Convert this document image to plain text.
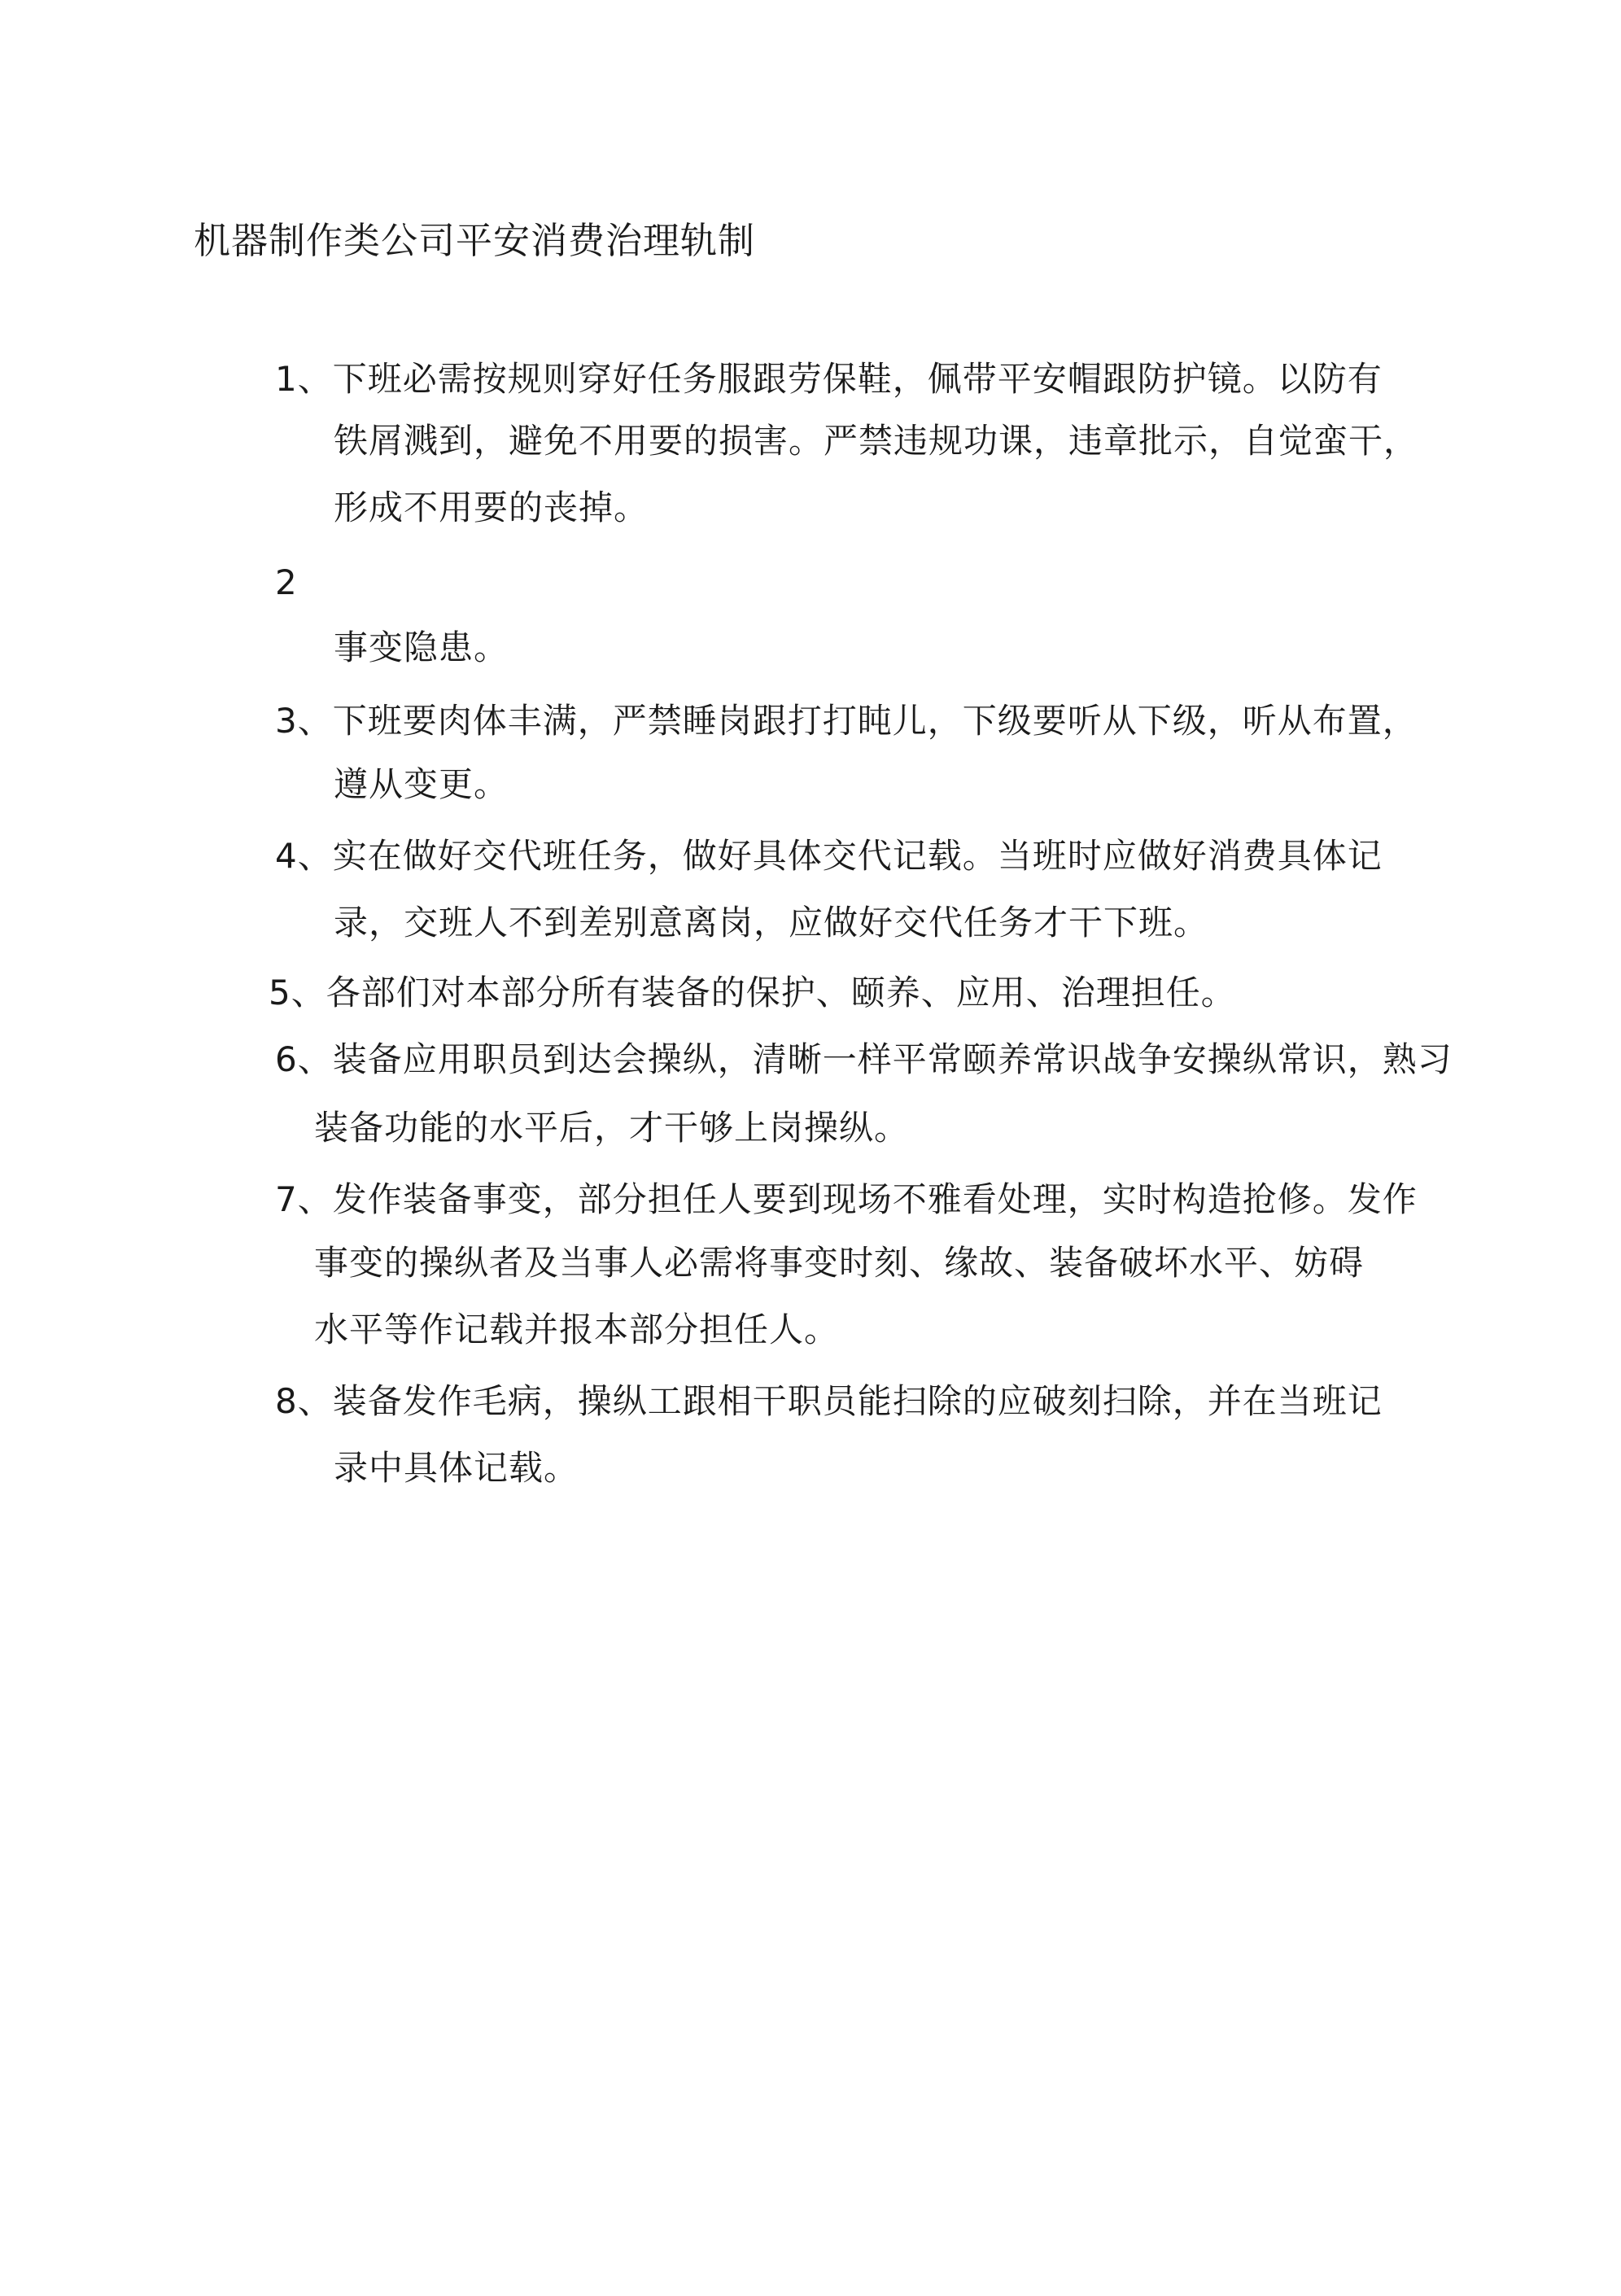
机器制作类公司平安消费治理轨制
1、下班必需按规则穿好任务服跟劳保鞋，佩带平安帽跟防护镜。以防有
铁屑溅到，避免不用要的损害。严禁违规功课，违章批示，自觉蛮干，
形成不用要的丧掉。
2
事变隐患。
3、下班要肉体丰满，严禁睡岗跟打打盹儿，下级要听从下级，听从布置，
遵从变更。
4、实在做好交代班任务，做好具体交代记载。当班时应做好消费具体记
录，交班人不到差别意离岗，应做好交代任务才干下班。
5、各部们对本部分所有装备的保护、颐养、应用、治理担任。
6、装备应用职员到达会操纵，清晰一样平常颐养常识战争安操纵常识，熟习
装备功能的水平后，才干够上岗操纵。
7、发作装备事变，部分担任人要到现场不雅看处理，实时构造抢修。发作
事变的操纵者及当事人必需将事变时刻、缘故、装备破坏水平、妨碍
水平等作记载并报本部分担任人。
8、装备发作毛病，操纵工跟相干职员能扫除的应破刻扫除，并在当班记
录中具体记载。
